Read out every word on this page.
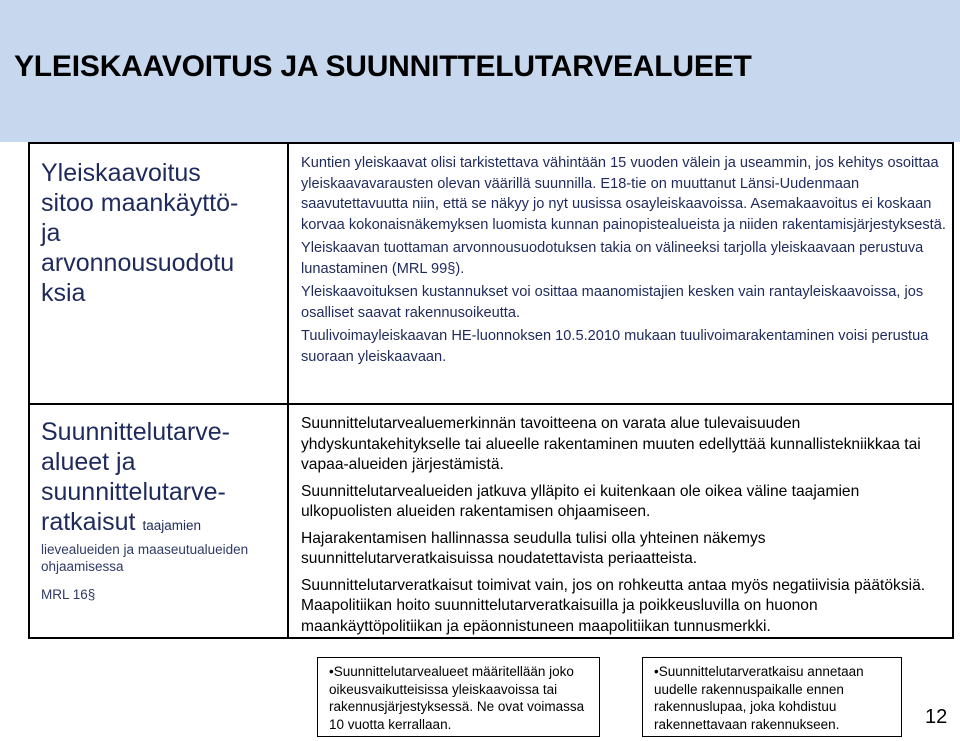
YLEISKAAVOITUS JA SUUNNITTELUTARVEALUEET
Yleiskaavoitus
sitoo maankäyttö-
ja
arvonnousuodotu
ksia

Kuntien yleiskaavat olisi tarkistettava vähintään 15 vuoden välein ja useammin, jos kehitys osoittaa yleiskaavavarausten olevan väärillä suunnilla. E18-tie on muuttanut Länsi-Uudenmaan saavutettavuutta niin, että se näkyy jo nyt uusissa osayleiskaavoissa. Asemakaavoitus ei koskaan korvaa kokonaisnäkemyksen luomista kunnan painopistealueista ja niiden rakentamisjärjestyksestä.

Yleiskaavan tuottaman arvonnousuodotuksen takia on välineeksi tarjolla yleiskaavaan perustuva lunastaminen (MRL 99§).

Yleiskaavoituksen kustannukset voi osittaa maanomistajien kesken vain rantayleiskaavoissa, jos osalliset saavat rakennusoikeutta.

Tuulivoimayleiskaavan HE-luonnoksen 10.5.2010 mukaan tuulivoimarakentaminen voisi perustua suoraan yleiskaavaan.

Suunnittelutarve-
alueet ja
suunnittelutarve-
ratkaisut taajamien
lievealueiden ja maaseutualueiden
ohjaamisessa
MRL 16§

Suunnittelutarvealuemerkinnän tavoitteena on varata alue tulevaisuuden yhdyskuntakehitykselle tai alueelle rakentaminen muuten edellyttää kunnallistekniikkaa tai vapaa-alueiden järjestämistä.

Suunnittelutarvealueiden jatkuva ylläpito ei kuitenkaan ole oikea väline taajamien ulkopuolisten alueiden rakentamisen ohjaamiseen.

Hajarakentamisen hallinnassa seudulla tulisi olla yhteinen näkemys suunnittelutarveratkaisuissa noudatettavista periaatteista.

Suunnittelutarveratkaisut toimivat vain, jos on rohkeutta antaa myös negatiivisia päätöksiä. Maapolitiikan hoito suunnittelutarveratkaisuilla ja poikkeusluvilla on huonon maankäyttöpolitiikan ja epäonnistuneen maapolitiikan tunnusmerkki.

•Suunnittelutarvealueet määritellään joko oikeusvaikutteisissa yleiskaavoissa tai rakennusjärjestyksessä. Ne ovat voimassa 10 vuotta kerrallaan.
•Suunnittelutarveratkaisu annetaan uudelle rakennuspaikalle ennen rakennuslupaa, joka kohdistuu rakennettavaan rakennukseen.	12
